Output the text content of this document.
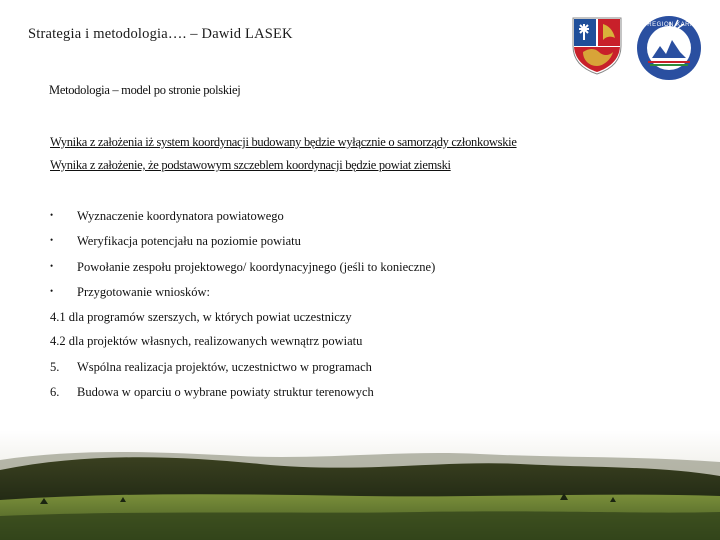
Strategia i metodologia…. – Dawid LASEK
EUROREGION KARPACKI
Metodologia – model po stronie polskiej
Wynika z założenia iż system koordynacji budowany będzie wyłącznie o samorządy członkowskie
Wynika z założenie, że podstawowym szczeblem koordynacji będzie powiat ziemski
• Wyznaczenie koordynatora powiatowego
• Weryfikacja potencjału na poziomie powiatu
• Powołanie zespołu projektowego/ koordynacyjnego (jeśli to konieczne)
• Przygotowanie wniosków:
4.1 dla programów szerszych, w których powiat uczestniczy
4.2 dla projektów własnych, realizowanych wewnątrz powiatu
5. Wspólna realizacja projektów, uczestnictwo w programach
6. Budowa w oparciu o wybrane powiaty struktur terenowych
